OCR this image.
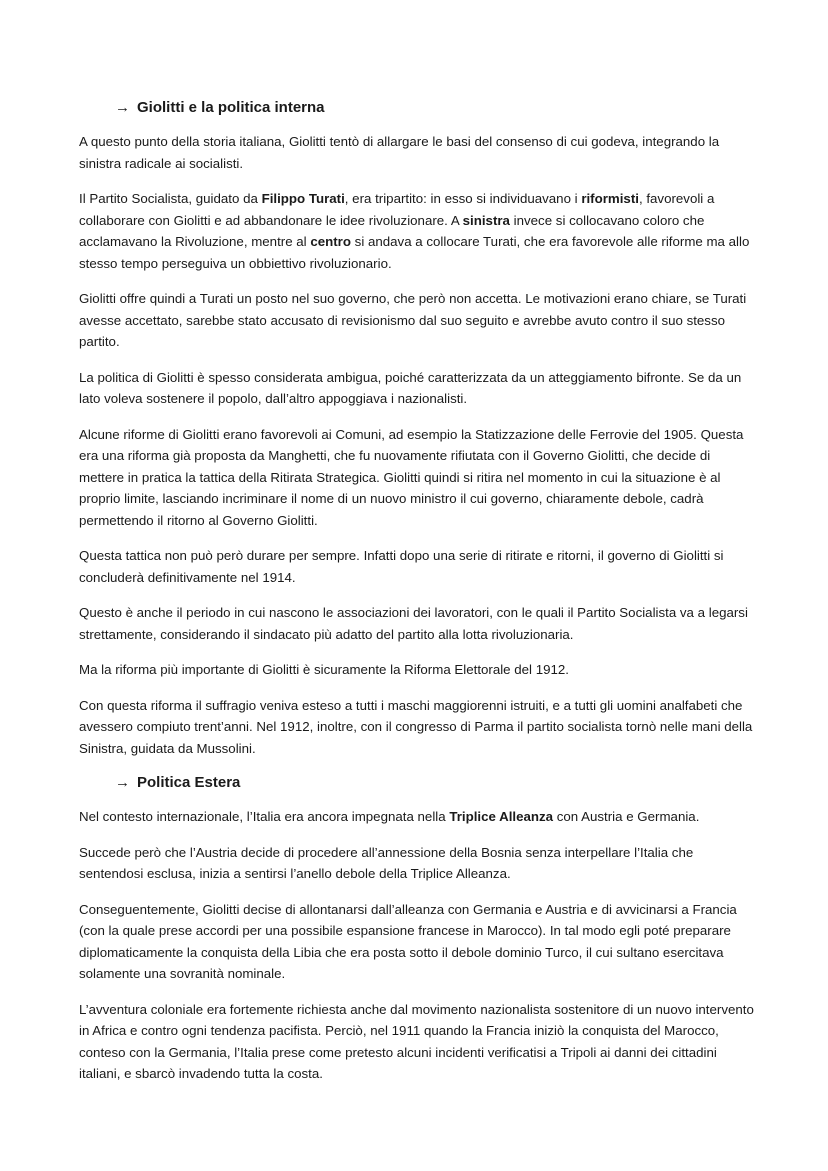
→ Giolitti e la politica interna

A questo punto della storia italiana, Giolitti tentò di allargare le basi del consenso di cui godeva, integrando la sinistra radicale ai socialisti.

Il Partito Socialista, guidato da Filippo Turati, era tripartito: in esso si individuavano i riformisti, favorevoli a collaborare con Giolitti e ad abbandonare le idee rivoluzionare. A sinistra invece si collocavano coloro che acclamavano la Rivoluzione, mentre al centro si andava a collocare Turati, che era favorevole alle riforme ma allo stesso tempo perseguiva un obbiettivo rivoluzionario.

Giolitti offre quindi a Turati un posto nel suo governo, che però non accetta. Le motivazioni erano chiare, se Turati avesse accettato, sarebbe stato accusato di revisionismo dal suo seguito e avrebbe avuto contro il suo stesso partito.

La politica di Giolitti è spesso considerata ambigua, poiché caratterizzata da un atteggiamento bifronte. Se da un lato voleva sostenere il popolo, dall’altro appoggiava i nazionalisti.

Alcune riforme di Giolitti erano favorevoli ai Comuni, ad esempio la Statizzazione delle Ferrovie del 1905. Questa era una riforma già proposta da Manghetti, che fu nuovamente rifiutata con il Governo Giolitti, che decide di mettere in pratica la tattica della Ritirata Strategica. Giolitti quindi si ritira nel momento in cui la situazione è al proprio limite, lasciando incriminare il nome di un nuovo ministro il cui governo, chiaramente debole, cadrà permettendo il ritorno al Governo Giolitti.

Questa tattica non può però durare per sempre. Infatti dopo una serie di ritirate e ritorni, il governo di Giolitti si concluderà definitivamente nel 1914.

Questo è anche il periodo in cui nascono le associazioni dei lavoratori, con le quali il Partito Socialista va a legarsi strettamente, considerando il sindacato più adatto del partito alla lotta rivoluzionaria.

Ma la riforma più importante di Giolitti è sicuramente la Riforma Elettorale del 1912.

Con questa riforma il suffragio veniva esteso a tutti i maschi maggiorenni istruiti, e a tutti gli uomini analfabeti che avessero compiuto trent’anni. Nel 1912, inoltre, con il congresso di Parma il partito socialista tornò nelle mani della Sinistra, guidata da Mussolini.

→ Politica Estera

Nel contesto internazionale, l’Italia era ancora impegnata nella Triplice Alleanza con Austria e Germania.

Succede però che l’Austria decide di procedere all’annessione della Bosnia senza interpellare l’Italia che sentendosi esclusa, inizia a sentirsi l’anello debole della Triplice Alleanza.

Conseguentemente, Giolitti decise di allontanarsi dall’alleanza con Germania e Austria e di avvicinarsi a Francia (con la quale prese accordi per una possibile espansione francese in Marocco). In tal modo egli poté preparare diplomaticamente la conquista della Libia che era posta sotto il debole dominio Turco, il cui sultano esercitava solamente una sovranità nominale.

L’avventura coloniale era fortemente richiesta anche dal movimento nazionalista sostenitore di un nuovo intervento in Africa e contro ogni tendenza pacifista. Perciò, nel 1911 quando la Francia iniziò la conquista del Marocco, conteso con la Germania, l’Italia prese come pretesto alcuni incidenti verificatisi a Tripoli ai danni dei cittadini italiani, e sbarcò invadendo tutta la costa.
